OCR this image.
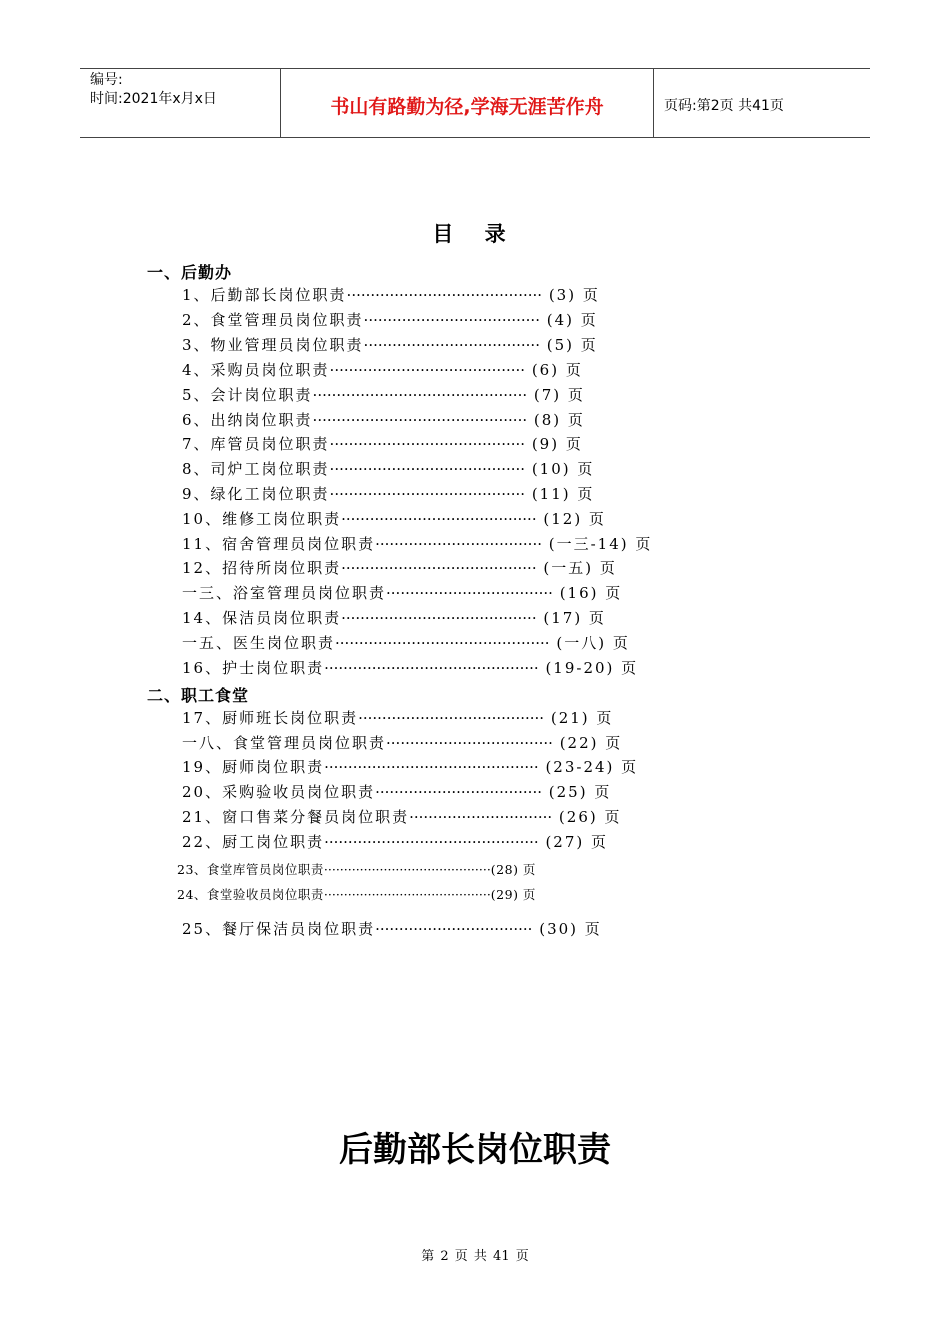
编号:
时间:2021年x月x日	书山有路勤为径,学海无涯苦作舟	页码:第2页 共41页
目 录
一、后勤办
1、后勤部长岗位职责········································· (3) 页
2、食堂管理员岗位职责····································· (4) 页
3、物业管理员岗位职责····································· (5) 页
4、采购员岗位职责········································· (6) 页
5、会计岗位职责············································· (7) 页
6、出纳岗位职责············································· (8) 页
7、库管员岗位职责········································· (9) 页
8、司炉工岗位职责········································· (10) 页
9、绿化工岗位职责········································· (11) 页
10、维修工岗位职责········································· (12) 页
11、宿舍管理员岗位职责··································· (一三-14) 页
12、招待所岗位职责········································· (一五) 页
一三、浴室管理员岗位职责··································· (16) 页
14、保洁员岗位职责········································· (17) 页
一五、医生岗位职责············································· (一八) 页
16、护士岗位职责············································· (19-20) 页
二、职工食堂
17、厨师班长岗位职责······································· (21) 页
一八、食堂管理员岗位职责··································· (22) 页
19、厨师岗位职责············································· (23-24) 页
20、采购验收员岗位职责··································· (25) 页
21、窗口售菜分餐员岗位职责······························ (26) 页
22、厨工岗位职责············································· (27) 页
23、食堂库管员岗位职责··········································(28) 页
24、食堂验收员岗位职责··········································(29) 页
25、餐厅保洁员岗位职责································· (30) 页
后勤部长岗位职责
第 2 页 共 41 页
